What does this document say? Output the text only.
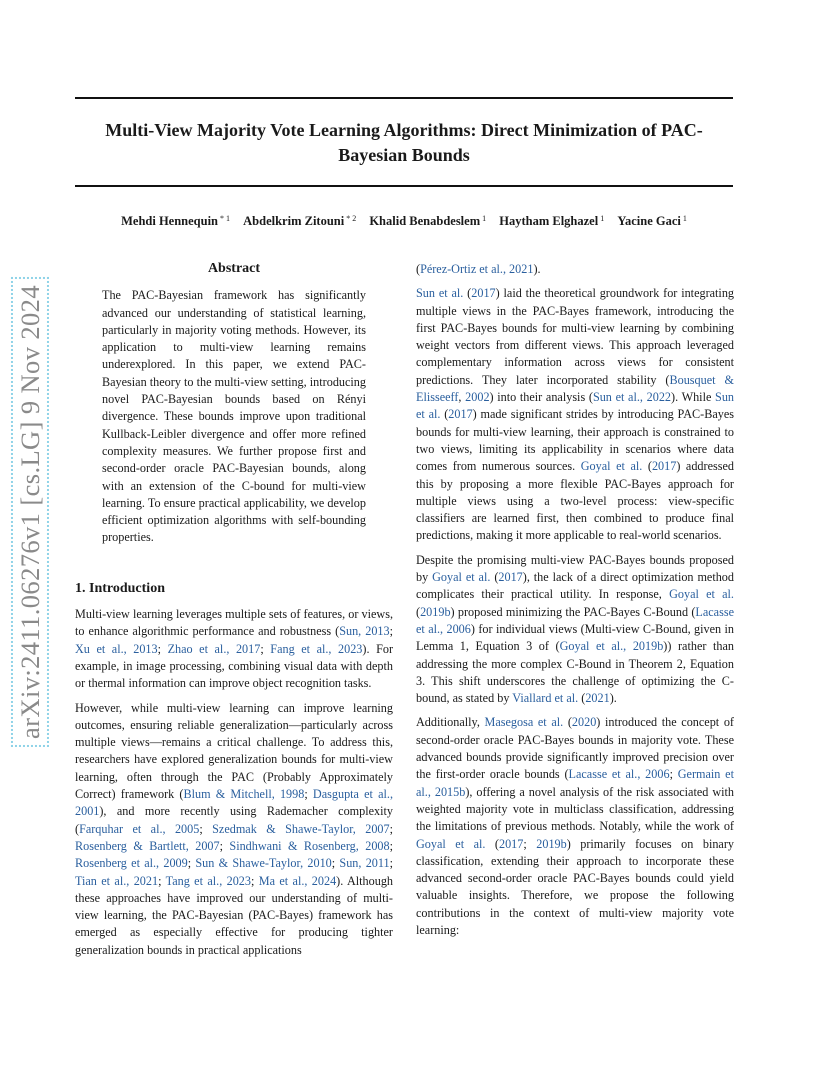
Multi-View Majority Vote Learning Algorithms: Direct Minimization of PAC-Bayesian Bounds
Mehdi Hennequin $^{* 1}$ Abdelkrim Zitouni $^{* 2}$ Khalid Benabdeslem $^1$ Haytham Elghazel $^1$ Yacine Gaci $^1$
arXiv:2411.06276v1 [cs.LG] 9 Nov 2024
Abstract
The PAC-Bayesian framework has significantly advanced our understanding of statistical learning, particularly in majority voting methods. However, its application to multi-view learning remains underexplored. In this paper, we extend PAC-Bayesian theory to the multi-view setting, introducing novel PAC-Bayesian bounds based on Rényi divergence. These bounds improve upon traditional Kullback-Leibler divergence and offer more refined complexity measures. We further propose first and second-order oracle PAC-Bayesian bounds, along with an extension of the C-bound for multi-view learning. To ensure practical applicability, we develop efficient optimization algorithms with self-bounding properties.
1. Introduction

Multi-view learning leverages multiple sets of features, or views, to enhance algorithmic performance and robustness (Sun, 2013; Xu et al., 2013; Zhao et al., 2017; Fang et al., 2023). For example, in image processing, combining visual data with depth or thermal information can improve object recognition tasks.

However, while multi-view learning can improve learning outcomes, ensuring reliable generalization—particularly across multiple views—remains a critical challenge. To address this, researchers have explored generalization bounds for multi-view learning, often through the PAC (Probably Approximately Correct) framework (Blum & Mitchell, 1998; Dasgupta et al., 2001), and more recently using Rademacher complexity (Farquhar et al., 2005; Szedmak & Shawe-Taylor, 2007; Rosenberg & Bartlett, 2007; Sindhwani & Rosenberg, 2008; Rosenberg et al., 2009; Sun & Shawe-Taylor, 2010; Sun, 2011; Tian et al., 2021; Tang et al., 2023; Ma et al., 2024). Although these approaches have improved our understanding of multi-view learning, the PAC-Bayesian (PAC-Bayes) framework has emerged as especially effective for producing tighter generalization bounds in practical applications

(Pérez-Ortiz et al., 2021).

Sun et al. (2017) laid the theoretical groundwork for integrating multiple views in the PAC-Bayes framework, introducing the first PAC-Bayes bounds for multi-view learning by combining weight vectors from different views. This approach leveraged complementary information across views for consistent predictions. They later incorporated stability (Bousquet & Elisseeff, 2002) into their analysis (Sun et al., 2022). While Sun et al. (2017) made significant strides by introducing PAC-Bayes bounds for multi-view learning, their approach is constrained to two views, limiting its applicability in scenarios where data comes from numerous sources. Goyal et al. (2017) addressed this by proposing a more flexible PAC-Bayes approach for multiple views using a two-level process: view-specific classifiers are learned first, then combined to produce final predictions, making it more applicable to real-world scenarios.

Despite the promising multi-view PAC-Bayes bounds proposed by Goyal et al. (2017), the lack of a direct optimization method complicates their practical utility. In response, Goyal et al. (2019b) proposed minimizing the PAC-Bayes C-Bound (Lacasse et al., 2006) for individual views (Multi-view C-Bound, given in Lemma 1, Equation 3 of (Goyal et al., 2019b)) rather than addressing the more complex C-Bound in Theorem 2, Equation 3. This shift underscores the challenge of optimizing the C-bound, as stated by Viallard et al. (2021).

Additionally, Masegosa et al. (2020) introduced the concept of second-order oracle PAC-Bayes bounds in majority vote. These advanced bounds provide significantly improved precision over the first-order oracle bounds (Lacasse et al., 2006; Germain et al., 2015b), offering a novel analysis of the risk associated with weighted majority vote in multiclass classification, addressing the limitations of previous methods. Notably, while the work of Goyal et al. (2017; 2019b) primarily focuses on binary classification, extending their approach to incorporate these advanced second-order oracle PAC-Bayes bounds could yield valuable insights. Therefore, we propose the following contributions in the context of multi-view majority vote learning:
